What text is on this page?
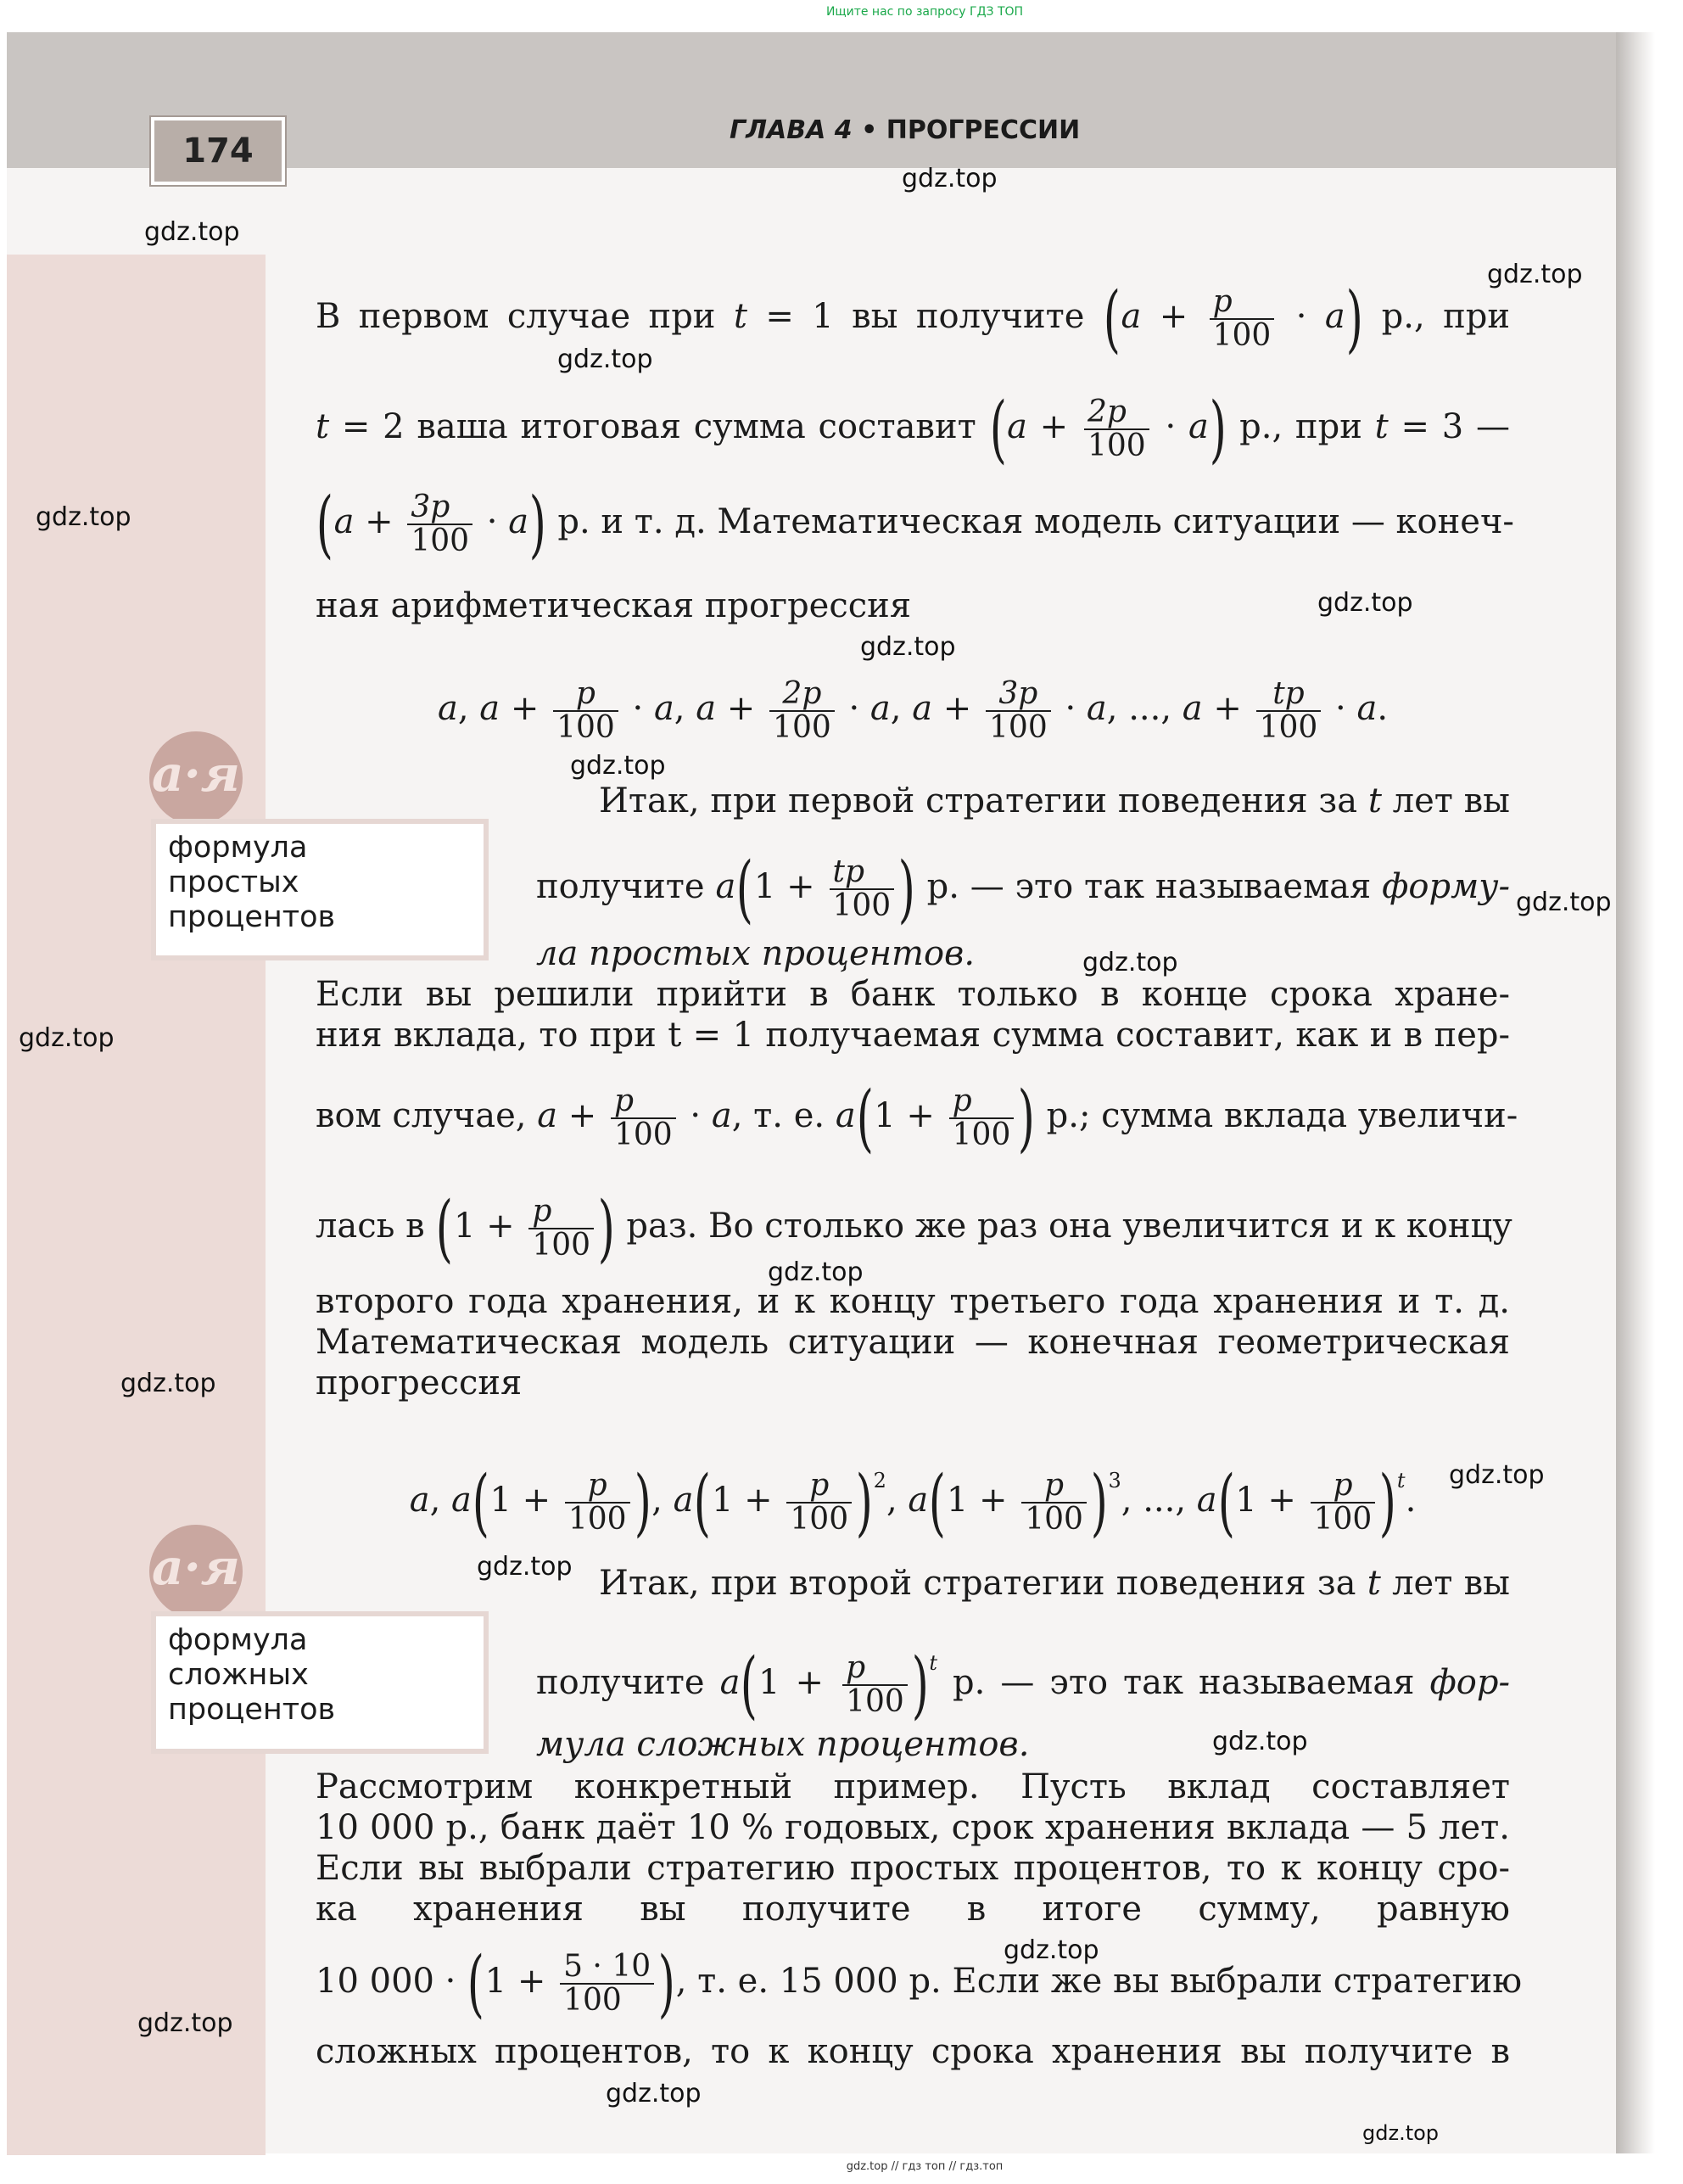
Ищите нас по запросу ГДЗ ТОП
gdz.top // гдз топ // гдз.топ
174
ГЛАВА 4 • ПРОГРЕССИИ
gdz.top
gdz.top
gdz.top
gdz.top
gdz.top
gdz.top
gdz.top
gdz.top
gdz.top
gdz.top
gdz.top
gdz.top
gdz.top
gdz.top
gdz.top
gdz.top
gdz.top
gdz.top
gdz.top
gdz.top
a·я
формула
простых
процентов
a·я
формула
сложных
процентов
В первом случае при t = 1 вы получите $(a + \frac{p}{100} \cdot a)$ р., при
t = 2 ваша итоговая сумма составит $(a + \frac{2p}{100} \cdot a)$ р., при t = 3 —
$(a + \frac{3p}{100} \cdot a)$ р. и т. д. Математическая модель ситуации — конеч-
ная арифметическая прогрессия
a, $a + \frac{p}{100} \cdot a$, $a + \frac{2p}{100} \cdot a$, $a + \frac{3p}{100} \cdot a$, ..., $a + \frac{tp}{100} \cdot a$.
Итак, при первой стратегии поведения за t лет вы
получите $a(1 + \frac{tp}{100}$ ) р. — это так называемая форму-
ла простых процентов.
Если вы решили прийти в банк только в конце срока хране-
ния вклада, то при t = 1 получаемая сумма составит, как и в пер-
вом случае, $a + \frac{p}{100} \cdot a$, т. е. $a(1 + \frac{p}{100}$ ) р.; сумма вклада увеличи-
лась в ($1 + \frac{p}{100}$ ) раз. Во столько же раз она увеличится и к концу
второго года хранения, и к концу третьего года хранения и т. д.
Математическая модель ситуации — конечная геометрическая
прогрессия
a, $a(1 + \frac{p}{100}$ ), $a(1 + \frac{p}{100} )^2$, $a(1 + \frac{p}{100} )^3$, ..., $a(1 + \frac{p}{100} )^t$.
Итак, при второй стратегии поведения за t лет вы
получите $a(1 + \frac{p}{100} )^t$ р. — это так называемая фор-
мула сложных процентов.
Рассмотрим конкретный пример. Пусть вклад составляет
10 000 р., банк даёт 10 % годовых, срок хранения вклада — 5 лет.
Если вы выбрали стратегию простых процентов, то к концу сро-
ка хранения вы получите в итоге сумму, равную
10 $000 \cdot (1 + \frac{5 \cdot 10}{100}$ ), т. е. 15 000 р. Если же вы выбрали стратегию
сложных процентов, то к концу срока хранения вы получите в
